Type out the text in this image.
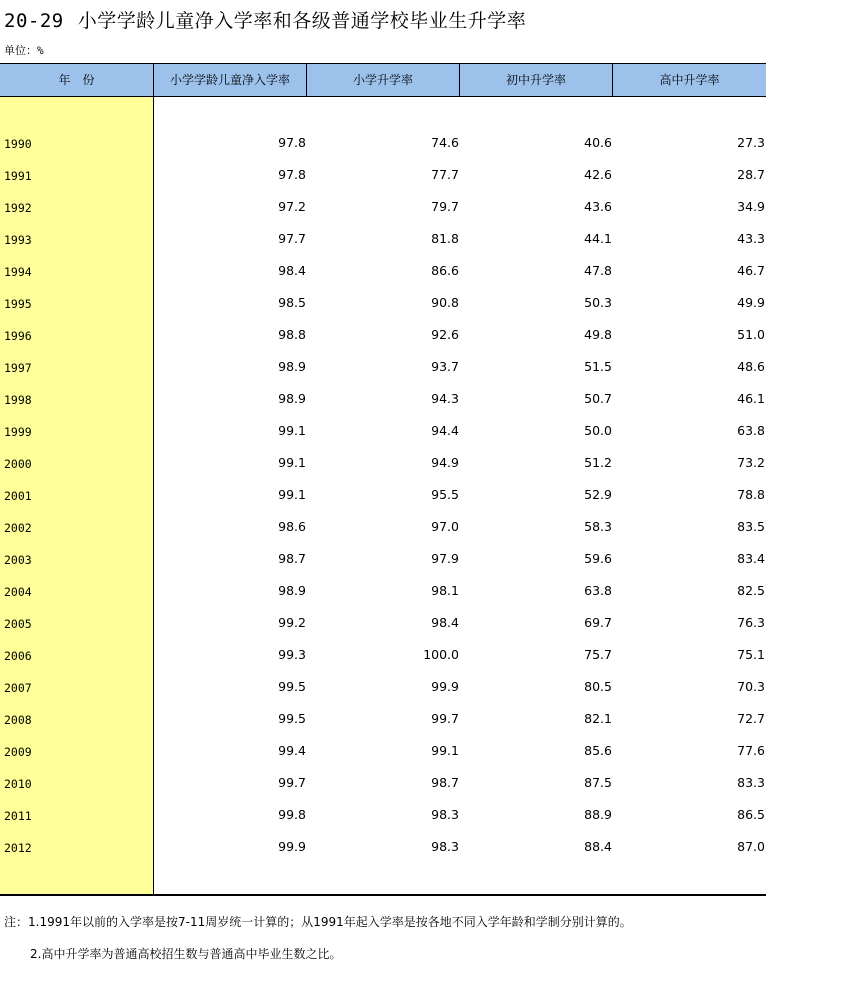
20-29 小学学龄儿童净入学率和各级普通学校毕业生升学率
单位：%
年　份	小学学龄儿童净入学率	小学升学率	初中升学率	高中升学率
1990	97.8	74.6	40.6	27.3
1991	97.8	77.7	42.6	28.7
1992	97.2	79.7	43.6	34.9
1993	97.7	81.8	44.1	43.3
1994	98.4	86.6	47.8	46.7
1995	98.5	90.8	50.3	49.9
1996	98.8	92.6	49.8	51.0
1997	98.9	93.7	51.5	48.6
1998	98.9	94.3	50.7	46.1
1999	99.1	94.4	50.0	63.8
2000	99.1	94.9	51.2	73.2
2001	99.1	95.5	52.9	78.8
2002	98.6	97.0	58.3	83.5
2003	98.7	97.9	59.6	83.4
2004	98.9	98.1	63.8	82.5
2005	99.2	98.4	69.7	76.3
2006	99.3	100.0	75.7	75.1
2007	99.5	99.9	80.5	70.3
2008	99.5	99.7	82.1	72.7
2009	99.4	99.1	85.6	77.6
2010	99.7	98.7	87.5	83.3
2011	99.8	98.3	88.9	86.5
2012	99.9	98.3	88.4	87.0
注：1.1991年以前的入学率是按7-11周岁统一计算的；从1991年起入学率是按各地不同入学年龄和学制分别计算的。
2.高中升学率为普通高校招生数与普通高中毕业生数之比。
